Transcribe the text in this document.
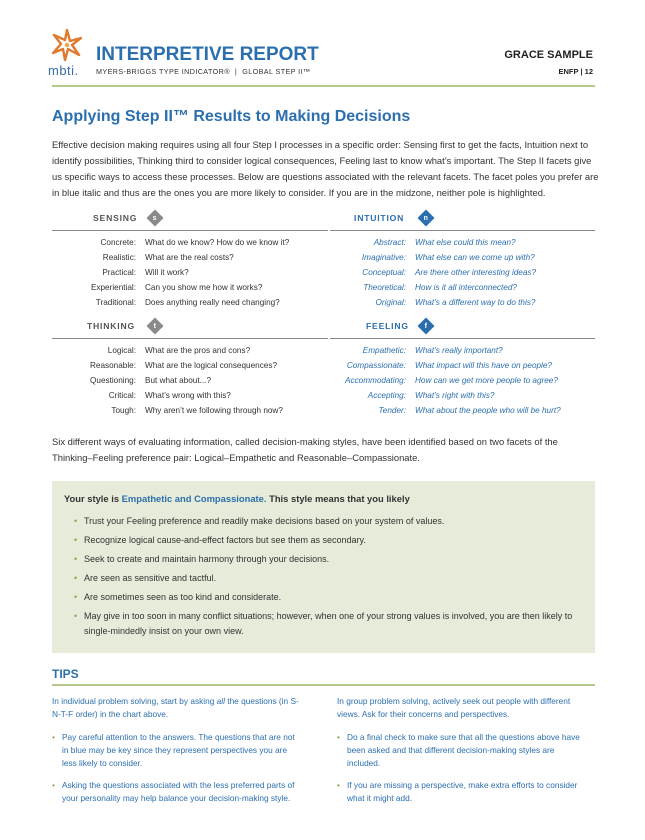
mbti.
INTERPRETIVE REPORT
MYERS-BRIGGS TYPE INDICATOR® | GLOBAL STEP II™
GRACE SAMPLE
ENFP | 12
Applying Step II™ Results to Making Decisions
Effective decision making requires using all four Step I processes in a specific order: Sensing first to get the facts, Intuition next to identify possibilities, Thinking third to consider logical consequences, Feeling last to know what’s important. The Step II facets give us specific ways to access these processes. Below are questions associated with the relevant facets. The facet poles you prefer are in blue italic and thus are the ones you are more likely to consider. If you are in the midzone, neither pole is highlighted.
SENSING s
Concrete: What do we know? How do we know it?
Realistic: What are the real costs?
Practical: Will it work?
Experiential: Can you show me how it works?
Traditional: Does anything really need changing?
INTUITION	n
Abstract: What else could this mean?
Imaginative: What else can we come up with?
Conceptual: Are there other interesting ideas?
Theoretical: How is it all interconnected?
Original: What’s a different way to do this?
THINKING	t
Logical: What are the pros and cons?
Reasonable: What are the logical consequences?
Questioning: But what about...?
Critical: What’s wrong with this?
Tough: Why aren’t we following through now?
FEELING f
Empathetic: What’s really important?
Compassionate: What impact will this have on people?
Accommodating: How can we get more people to agree?
Accepting: What’s right with this?
Tender: What about the people who will be hurt?
Six different ways of evaluating information, called decision-making styles, have been identified based on two facets of the Thinking–Feeling preference pair: Logical–Empathetic and Reasonable–Compassionate.
Your style is Empathetic and Compassionate. This style means that you likely
• Trust your Feeling preference and readily make decisions based on your system of values.
• Recognize logical cause-and-effect factors but see them as secondary.
• Seek to create and maintain harmony through your decisions.
• Are seen as sensitive and tactful.
• Are sometimes seen as too kind and considerate.
• May give in too soon in many conflict situations; however, when one of your strong values is involved, you are then likely to single-mindedly insist on your own view.
TIPS

In individual problem solving, start by asking all the questions (in S-N-T-F order) in the chart above.

• Pay careful attention to the answers. The questions that are not in blue may be key since they represent perspectives you are less likely to consider.
• Asking the questions associated with the less preferred parts of your personality may help balance your decision-making style.

In group problem solving, actively seek out people with different views. Ask for their concerns and perspectives.

• Do a final check to make sure that all the questions above have been asked and that different decision-making styles are included.
• If you are missing a perspective, make extra efforts to consider what it might add.
